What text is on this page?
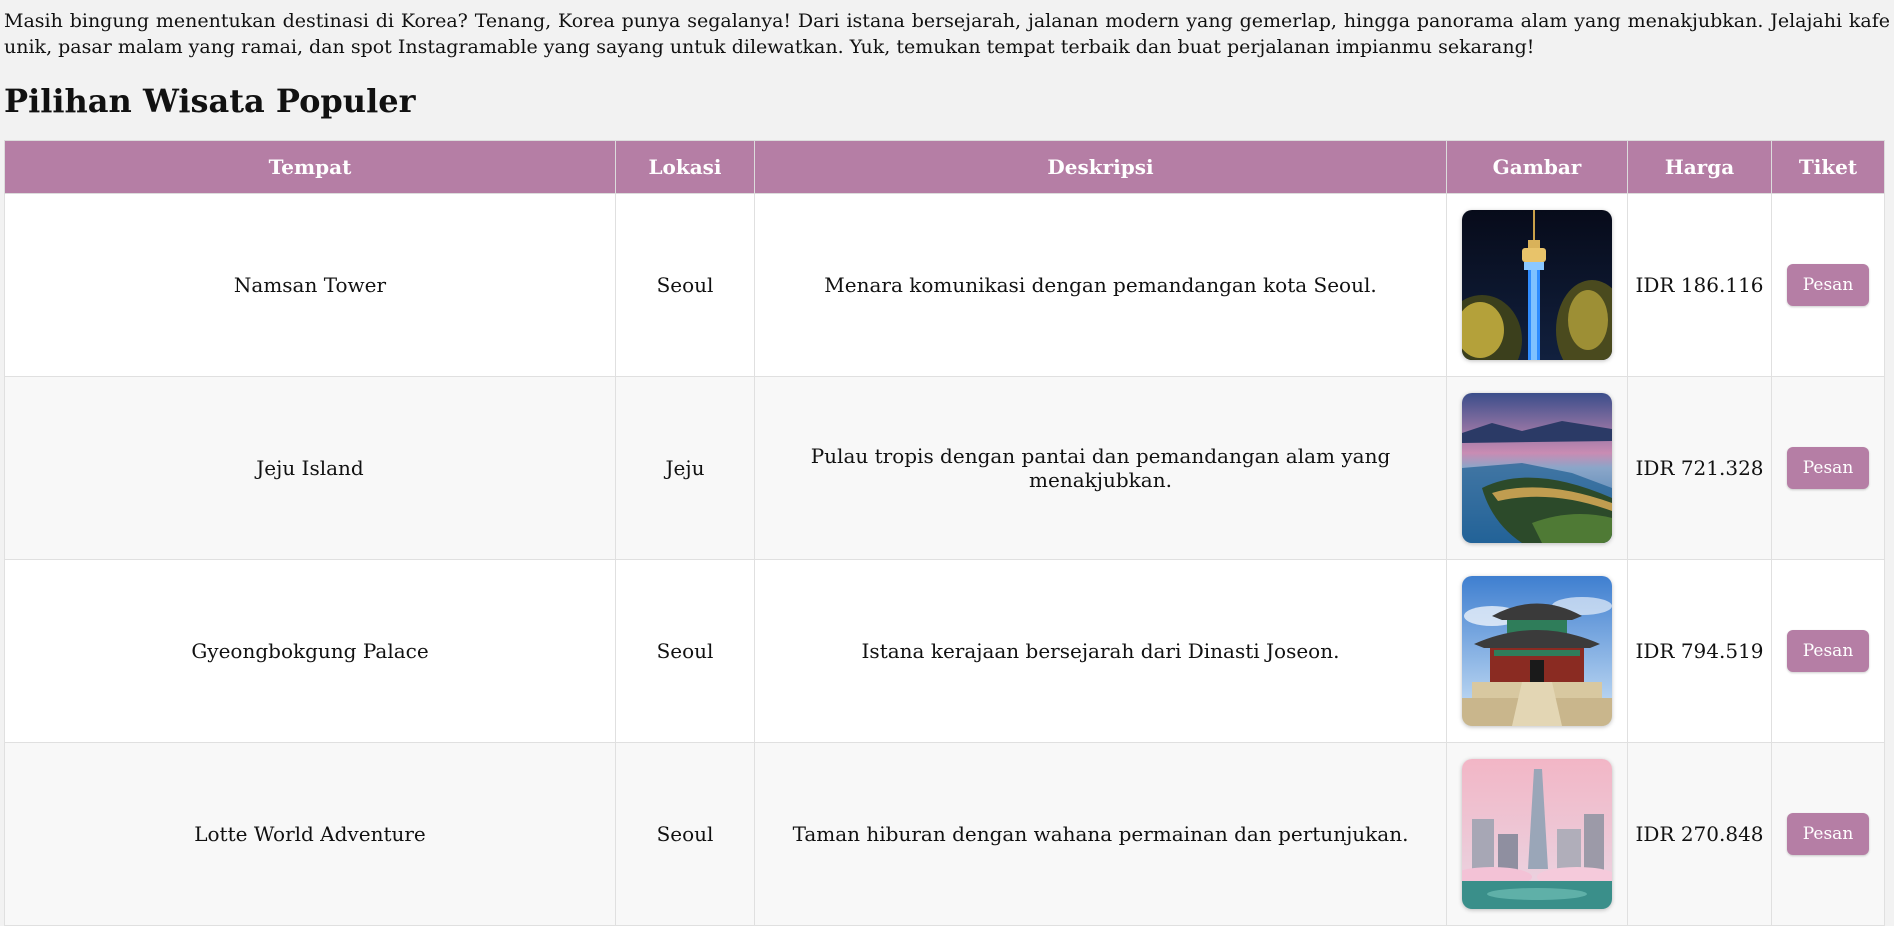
Masih bingung menentukan destinasi di Korea? Tenang, Korea punya segalanya! Dari istana bersejarah, jalanan modern yang gemerlap, hingga panorama alam yang menakjubkan. Jelajahi kafe unik, pasar malam yang ramai, dan spot Instagramable yang sayang untuk dilewatkan. Yuk, temukan tempat terbaik dan buat perjalanan impianmu sekarang!

Pilihan Wisata Populer
Tempat	Lokasi	Deskripsi	Gambar	Harga	Tiket
Namsan Tower	Seoul	Menara komunikasi dengan pemandangan kota Seoul.		IDR 186.116	Pesan
Jeju Island	Jeju	Pulau tropis dengan pantai dan pemandangan alam yang menakjubkan.		IDR 721.328	Pesan
Gyeongbokgung Palace	Seoul	Istana kerajaan bersejarah dari Dinasti Joseon.		IDR 794.519	Pesan
Lotte World Adventure	Seoul	Taman hiburan dengan wahana permainan dan pertunjukan.		IDR 270.848	Pesan
